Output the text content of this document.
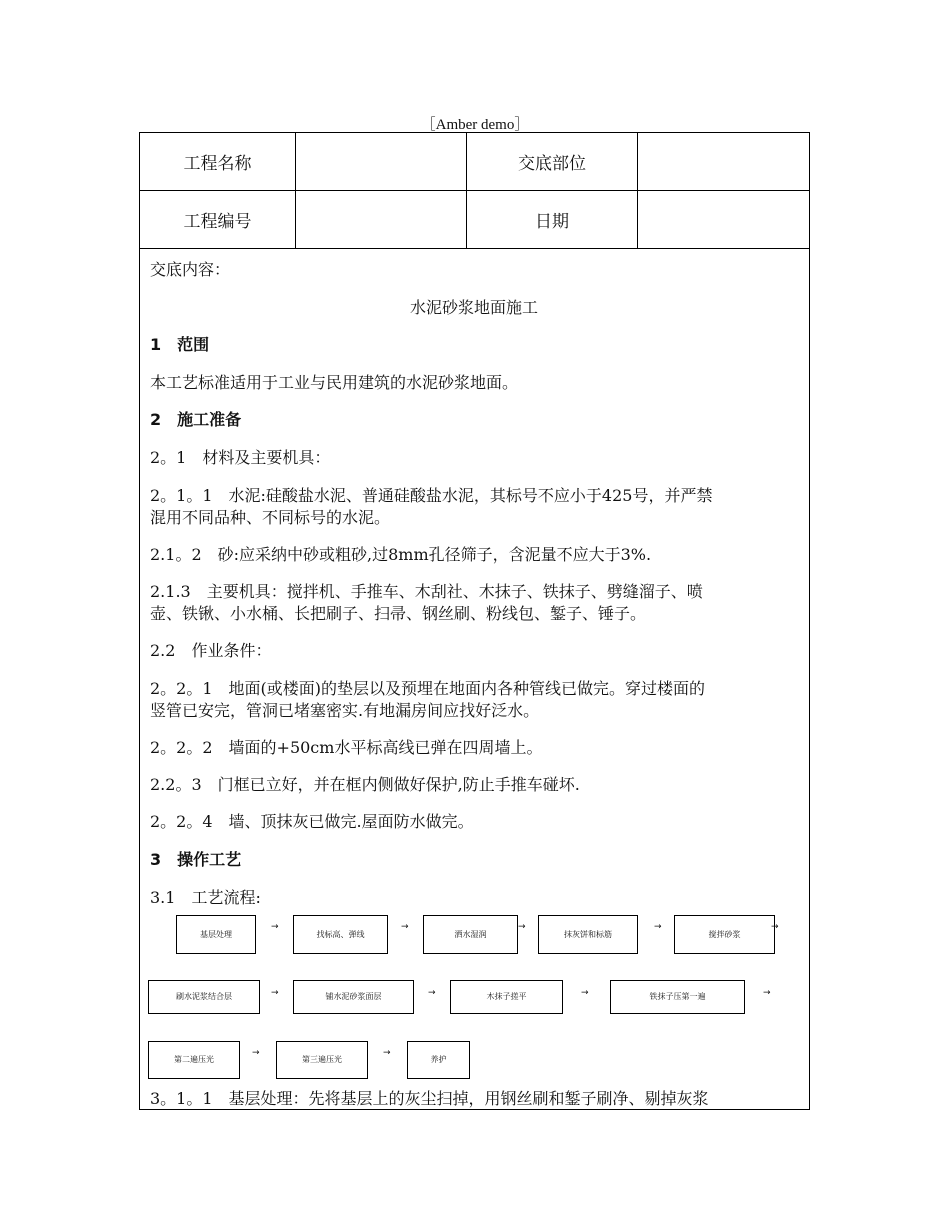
［Amber demo］
工程名称		交底部位	
工程编号		日期	
交底内容：
水泥砂浆地面施工
1　范围
本工艺标准适用于工业与民用建筑的水泥砂浆地面。
2　施工准备
2。1　材料及主要机具：
2。1。1　水泥:硅酸盐水泥、普通硅酸盐水泥，其标号不应小于425号，并严禁
混用不同品种、不同标号的水泥。
2.1。2　砂:应采纳中砂或粗砂,过8mm孔径筛子，含泥量不应大于3%.
2.1.3　主要机具：搅拌机、手推车、木刮社、木抹子、铁抹子、劈缝溜子、喷
壶、铁锹、小水桶、长把刷子、扫帚、钢丝刷、粉线包、錾子、锤子。
2.2　作业条件：
2。2。1　地面(或楼面)的垫层以及预埋在地面内各种管线已做完。穿过楼面的
竖管已安完，管洞已堵塞密实.有地漏房间应找好泛水。
2。2。2　墙面的+50cm水平标高线已弹在四周墙上。
2.2。3　门框已立好，并在框内侧做好保护,防止手推车碰坏.
2。2。4　墙、顶抹灰已做完.屋面防水做完。
3　操作工艺
3.1　工艺流程:
3。1。1　基层处理：先将基层上的灰尘扫掉，用钢丝刷和錾子刷净、剔掉灰浆
基层处理
→
找标高、弹线
→
洒水湿润
→
抹灰饼和标筋
→
搅拌砂浆
→
刷水泥浆结合层	→	铺水泥砂浆面层	→	木抹子搓平	→	铁抹子压第一遍	→
第二遍压光
→
第三遍压光
→
养护
